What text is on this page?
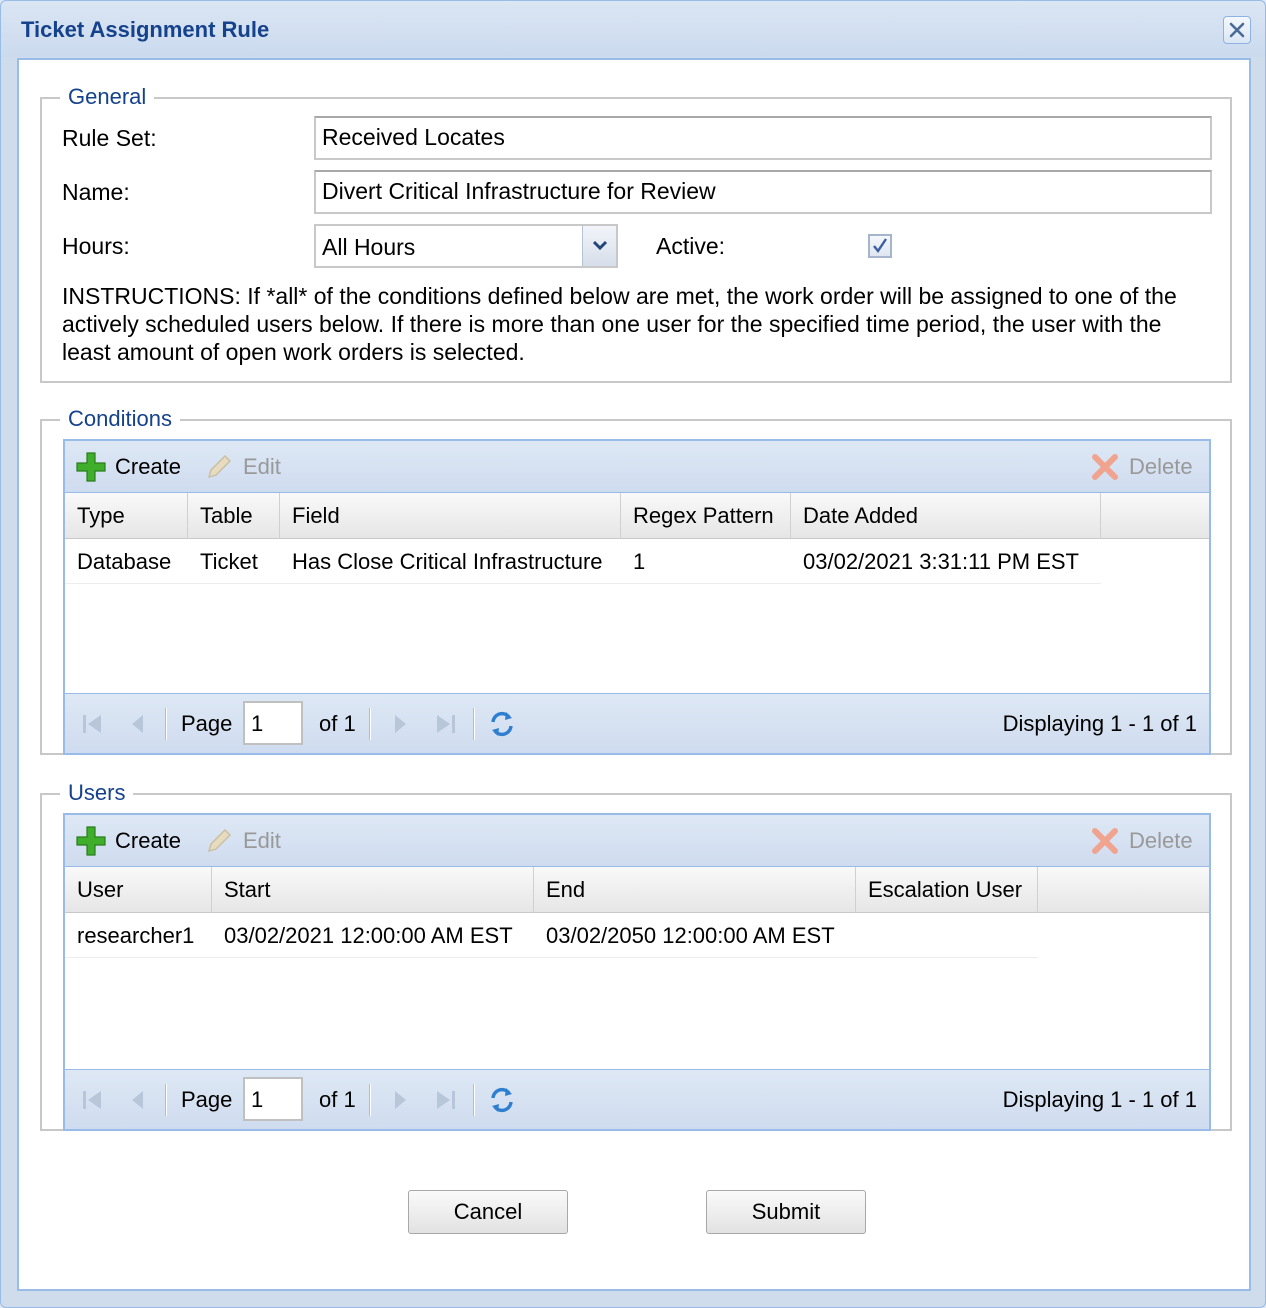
Ticket Assignment Rule
General
Rule Set:	Received Locates
Name:	Divert Critical Infrastructure for Review
Hours:	All Hours	Active:
INSTRUCTIONS: If *all* of the conditions defined below are met, the work order will be assigned to one of the actively scheduled users below. If there is more than one user for the specified time period, the user with the least amount of open work orders is selected.
Conditions
Create	Edit	Delete
Type	Table	Field	Regex Pattern	Date Added
Database	Ticket	Has Close Critical Infrastructure	1	03/02/2021 3:31:11 PM EST
Page 1	of 1	Displaying 1 - 1 of 1
Users
Create	Edit	Delete
User	Start	End	Escalation User
researcher1	03/02/2021 12:00:00 AM EST	03/02/2050 12:00:00 AM EST
Page 1	of 1	Displaying 1 - 1 of 1
Cancel	Submit
